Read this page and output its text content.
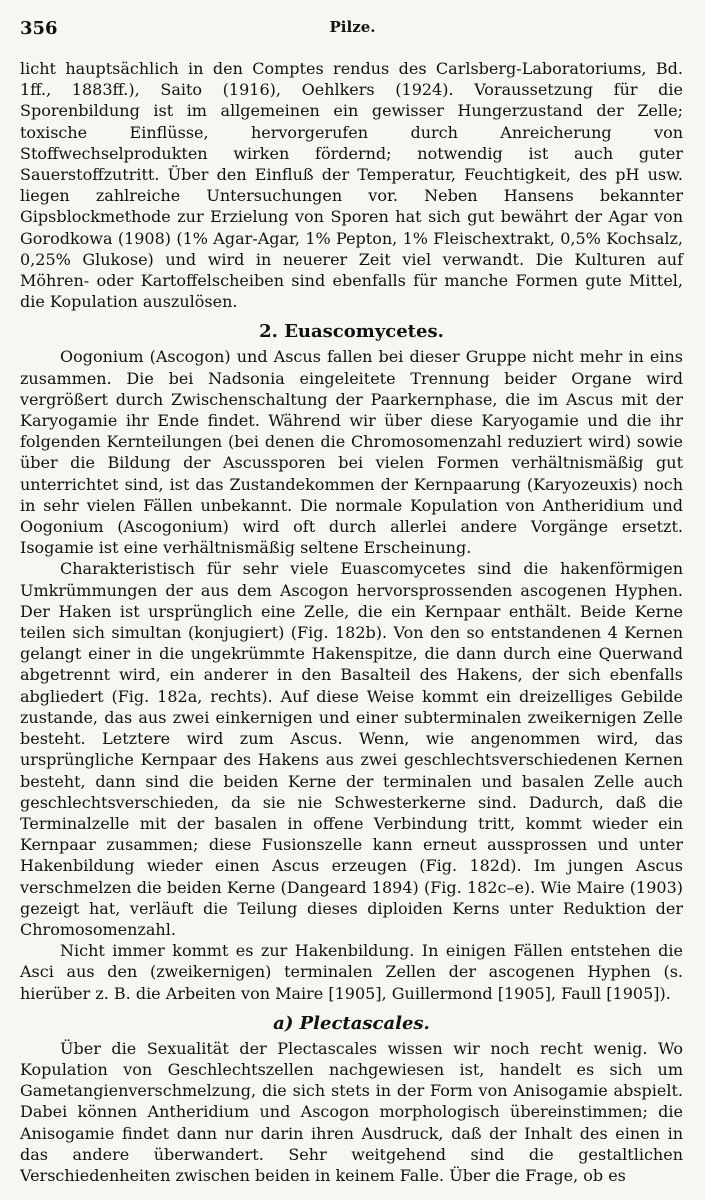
356	Pilze.

licht hauptsächlich in den Comptes rendus des Carlsberg-Laboratoriums, Bd. 1ff., 1883ff.), Saito (1916), Oehlkers (1924). Voraussetzung für die Sporenbildung ist im allgemeinen ein gewisser Hungerzustand der Zelle; toxische Einflüsse, hervorgerufen durch Anreicherung von Stoffwechselprodukten wirken fördernd; notwendig ist auch guter Sauerstoffzutritt. Über den Einfluß der Temperatur, Feuchtigkeit, des pH usw. liegen zahlreiche Untersuchungen vor. Neben Hansens bekannter Gipsblockmethode zur Erzielung von Sporen hat sich gut bewährt der Agar von Gorodkowa (1908) (1% Agar-Agar, 1% Pepton, 1% Fleischextrakt, 0,5% Kochsalz, 0,25% Glukose) und wird in neuerer Zeit viel verwandt. Die Kulturen auf Möhren- oder Kartoffelscheiben sind ebenfalls für manche Formen gute Mittel, die Kopulation auszulösen.

2. Euascomycetes.

Oogonium (Ascogon) und Ascus fallen bei dieser Gruppe nicht mehr in eins zusammen. Die bei Nadsonia eingeleitete Trennung beider Organe wird vergrößert durch Zwischenschaltung der Paarkernphase, die im Ascus mit der Karyogamie ihr Ende findet. Während wir über diese Karyogamie und die ihr folgenden Kernteilungen (bei denen die Chromosomenzahl reduziert wird) sowie über die Bildung der Ascussporen bei vielen Formen verhältnismäßig gut unterrichtet sind, ist das Zustandekommen der Kernpaarung (Karyozeuxis) noch in sehr vielen Fällen unbekannt. Die normale Kopulation von Antheridium und Oogonium (Ascogonium) wird oft durch allerlei andere Vorgänge ersetzt. Isogamie ist eine verhältnismäßig seltene Erscheinung.

Charakteristisch für sehr viele Euascomycetes sind die hakenförmigen Umkrümmungen der aus dem Ascogon hervorsprossenden ascogenen Hyphen. Der Haken ist ursprünglich eine Zelle, die ein Kernpaar enthält. Beide Kerne teilen sich simultan (konjugiert) (Fig. 182b). Von den so entstandenen 4 Kernen gelangt einer in die ungekrümmte Hakenspitze, die dann durch eine Querwand abgetrennt wird, ein anderer in den Basalteil des Hakens, der sich ebenfalls abgliedert (Fig. 182a, rechts). Auf diese Weise kommt ein dreizelliges Gebilde zustande, das aus zwei einkernigen und einer subterminalen zweikernigen Zelle besteht. Letztere wird zum Ascus. Wenn, wie angenommen wird, das ursprüngliche Kernpaar des Hakens aus zwei geschlechtsverschiedenen Kernen besteht, dann sind die beiden Kerne der terminalen und basalen Zelle auch geschlechtsverschieden, da sie nie Schwesterkerne sind. Dadurch, daß die Terminalzelle mit der basalen in offene Verbindung tritt, kommt wieder ein Kernpaar zusammen; diese Fusionszelle kann erneut aussprossen und unter Hakenbildung wieder einen Ascus erzeugen (Fig. 182d). Im jungen Ascus verschmelzen die beiden Kerne (Dangeard 1894) (Fig. 182c–e). Wie Maire (1903) gezeigt hat, verläuft die Teilung dieses diploiden Kerns unter Reduktion der Chromosomenzahl.

Nicht immer kommt es zur Hakenbildung. In einigen Fällen entstehen die Asci aus den (zweikernigen) terminalen Zellen der ascogenen Hyphen (s. hierüber z. B. die Arbeiten von Maire [1905], Guillermond [1905], Faull [1905]).

a) Plectascales.

Über die Sexualität der Plectascales wissen wir noch recht wenig. Wo Kopulation von Geschlechtszellen nachgewiesen ist, handelt es sich um Gametangienverschmelzung, die sich stets in der Form von Anisogamie abspielt. Dabei können Antheridium und Ascogon morphologisch übereinstimmen; die Anisogamie findet dann nur darin ihren Ausdruck, daß der Inhalt des einen in das andere überwandert. Sehr weitgehend sind die gestaltlichen Verschiedenheiten zwischen beiden in keinem Falle. Über die Frage, ob es
